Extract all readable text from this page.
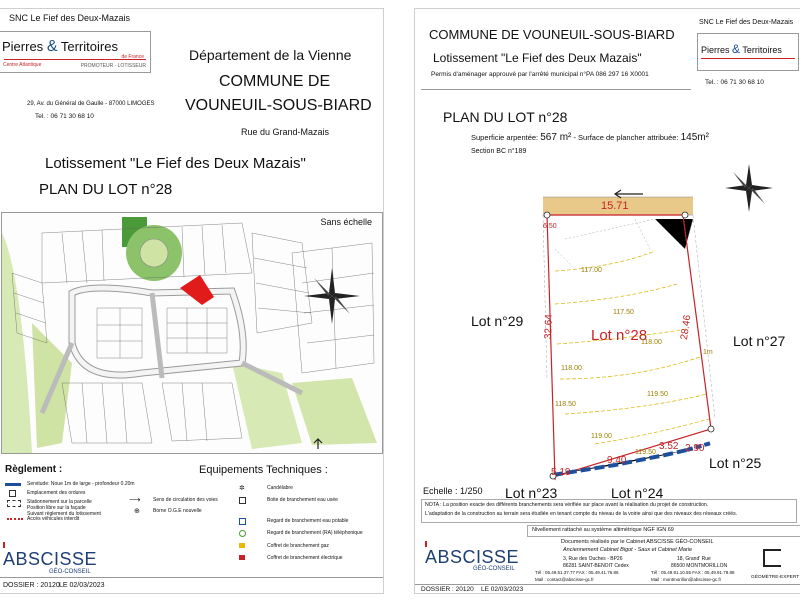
SNC Le Fief des Deux-Mazais
Pierres & Territoires
de France
Centre Atlantique	PROMOTEUR - LOTISSEUR
29, Av. du Général de Gaulle - 87000 LIMOGES
Tel. : 06 71 30 68 10
Département de la Vienne
COMMUNE DE
VOUNEUIL-SOUS-BIARD
Rue du Grand-Mazais
Lotissement "Le Fief des Deux Mazais"
PLAN DU LOT n°28
Sans échelle
Règlement :
Servitude: Noue 1m de large - profondeur 0.20m
Emplacement des ordures
Stationnement sur la parcelle
Position libre sur la façade
Suivant règlement du lotissement
Accès véhicules interdit
Equipements Techniques :
✲	Candélabre
Boite de branchement eau usée
⟶	Sens de circulation des voies
⊕	Borne O.G.E nouvelle
Regard de branchement eau potable
Regard de branchement (RA) téléphonique
Coffret de branchement gaz
Coffret de branchement électrique
ABSCISSE
GÉO-CONSEIL
DOSSIER : 20120 LE 02/03/2023
COMMUNE DE VOUNEUIL-SOUS-BIARD
Lotissement "Le Fief des Deux Mazais"
Permis d'aménager approuvé par l'arrêté municipal n°PA 086 297 16 X0001
SNC Le Fief des Deux-Mazais
Pierres & Territoires
Tel. : 06 71 30 68 10
PLAN DU LOT n°28
Superficie arpentée: 567 m² - Surface de plancher attribuée: 145m²
Section BC n°189
15.71
6.50
32.64	28.46
Lot n°28
117.00
117.50
118.00
118.50
119.00
119.50
119.50
118.00
1m
5.19
9.40
3.52 2.90
Lot n°29
Lot n°27
Lot n°23	Lot n°24
Lot n°25
Echelle : 1/250
NOTA : La position exacte des différents branchements sera vérifiée sur place avant la réalisation du projet de construction.
L'adaptation de la construction au terrain sera étudiée en tenant compte du niveau de la voirie ainsi que des niveaux des réseaux créés.
Nivellement rattaché au système altimétrique NGF IGN 69
ABSCISSE
GÉO-CONSEIL
Documents réalisés par le Cabinet ABSCISSE GÉO-CONSEIL
Anciennement Cabinet Bigot - Saux et Cabinet Marie
3, Rue des Ouches - BP26
86281 SAINT-BENOIT Cedex
Tél : 05.49.51.37.77 FAX : 05.49.41.76.86
Mail : contact@abscisse-gc.fr
18, Grand' Rue
86500 MONTMORILLON
Tél : 05.49.91.10.55 FAX : 05.49.91.78.88
Mail : montmorillon@abscisse-gc.fr	GÉOMÈTRE-EXPERT
DOSSIER : 20120 LE 02/03/2023
